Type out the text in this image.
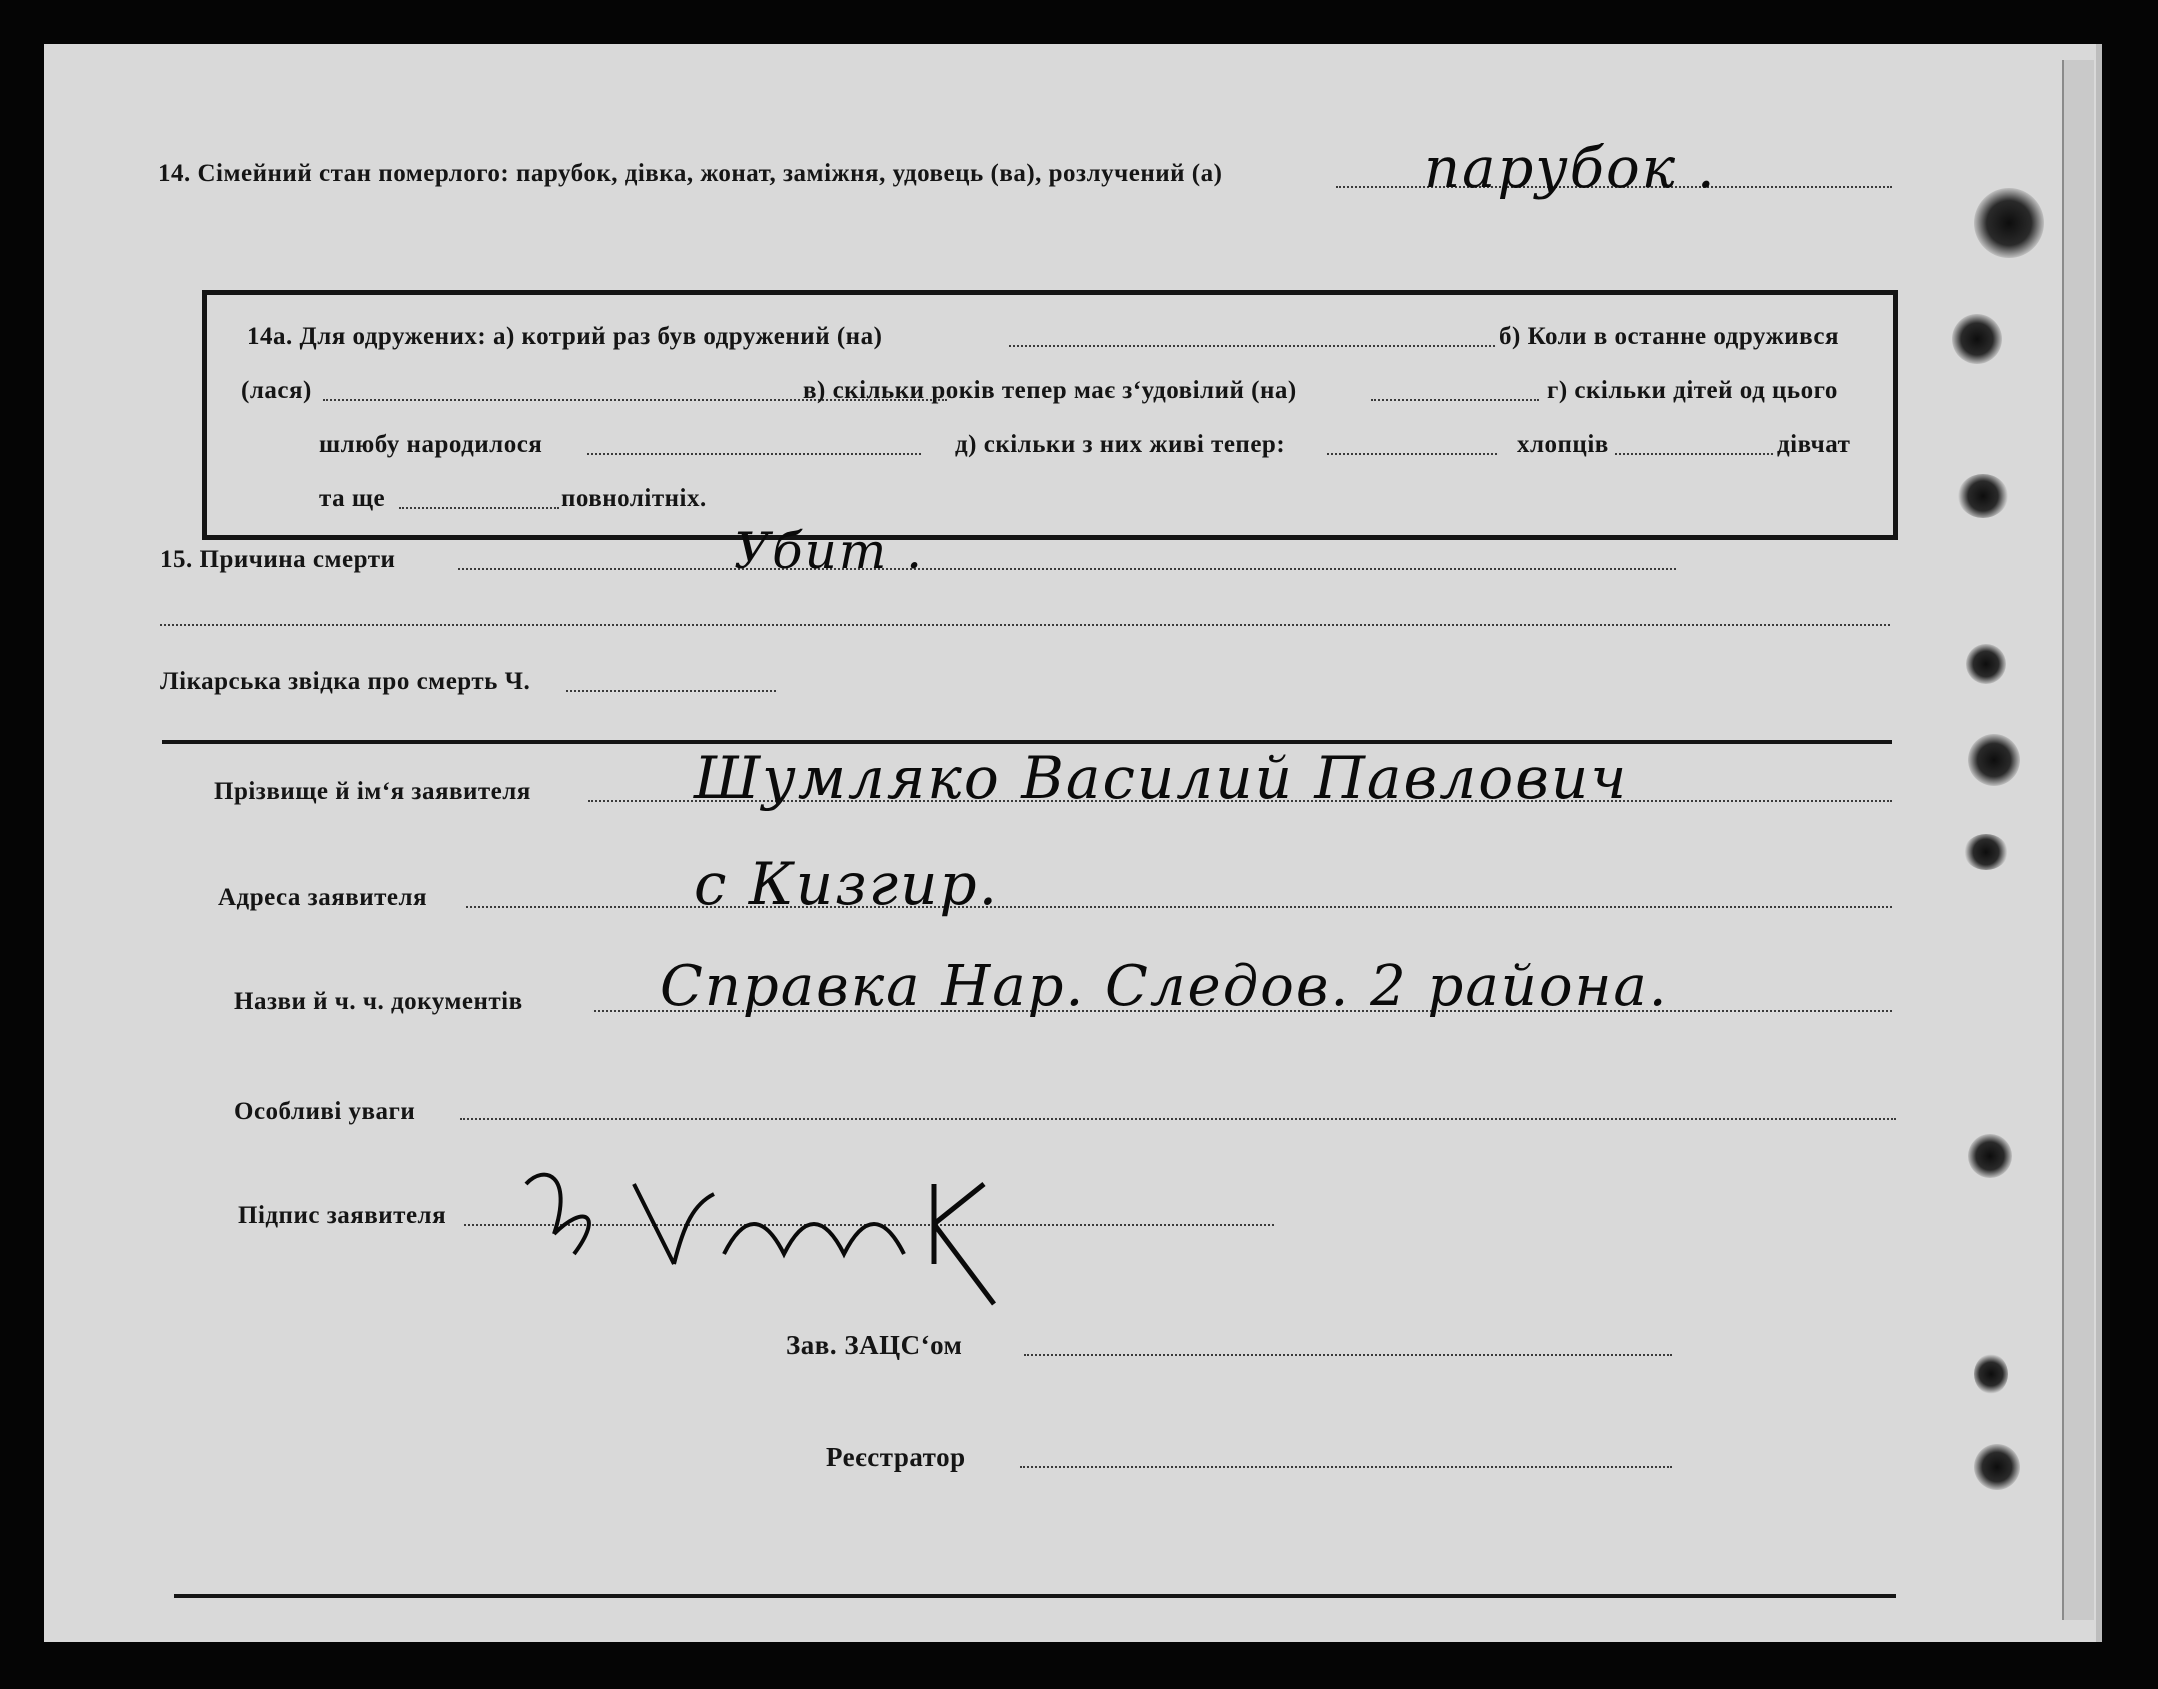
14. Сімейний стан померлого: парубок, дівка, жонат, заміжня, удовець (ва), розлучений (а)	парубок .
14а. Для одружених: а) котрий раз був одружений (на)	б) Коли в останне одружився
(лася)	в) скільки років тепер має з‘удовілий (на)	г) скільки дітей од цього
шлюбу народилося	д) скільки з них живі тепер:	хлопців	дівчат
та ще	повнолітніх.
15. Причина смерти	Убит .
Лікарська звідка про смерть Ч.
Прізвище й ім‘я заявителя	Шумляко Василий Павлович
Адреса заявителя	с Кизгир.
Назви й ч. ч. документів Справка Нар. Следов. 2 района.
Особливі уваги
Підпис заявителя
Зав. ЗАЦС‘ом
Реєстратор
